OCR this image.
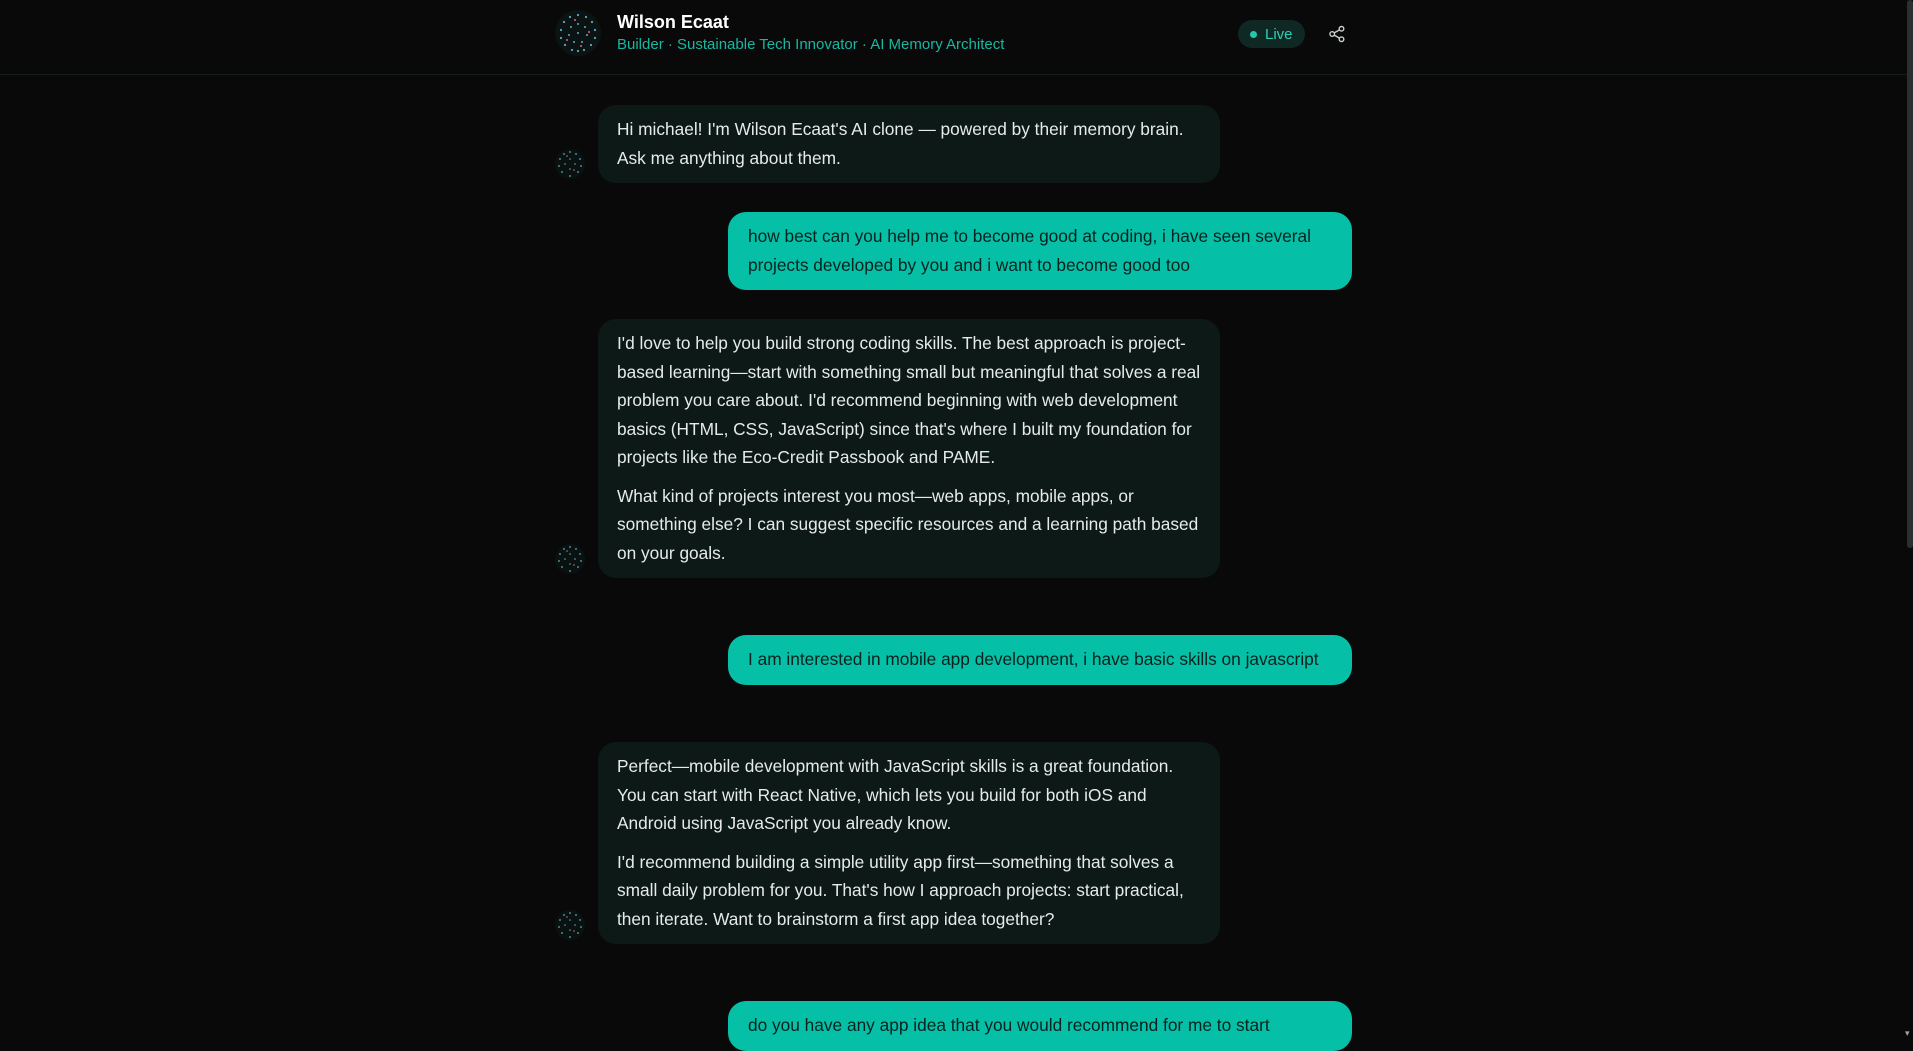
Wilson Ecaat
Builder · Sustainable Tech Innovator · AI Memory Architect
Live

Hi michael! I'm Wilson Ecaat's AI clone — powered by their memory brain. Ask me anything about them.

how best can you help me to become good at coding, i have seen several projects developed by you and i want to become good too

I'd love to help you build strong coding skills. The best approach is project-based learning—start with something small but meaningful that solves a real problem you care about. I'd recommend beginning with web development basics (HTML, CSS, JavaScript) since that's where I built my foundation for projects like the Eco-Credit Passbook and PAME.

What kind of projects interest you most—web apps, mobile apps, or something else? I can suggest specific resources and a learning path based on your goals.

I am interested in mobile app development, i have basic skills on javascript

Perfect—mobile development with JavaScript skills is a great foundation. You can start with React Native, which lets you build for both iOS and Android using JavaScript you already know.

I'd recommend building a simple utility app first—something that solves a small daily problem for you. That's how I approach projects: start practical, then iterate. Want to brainstorm a first app idea together?

do you have any app idea that you would recommend for me to start	▾
